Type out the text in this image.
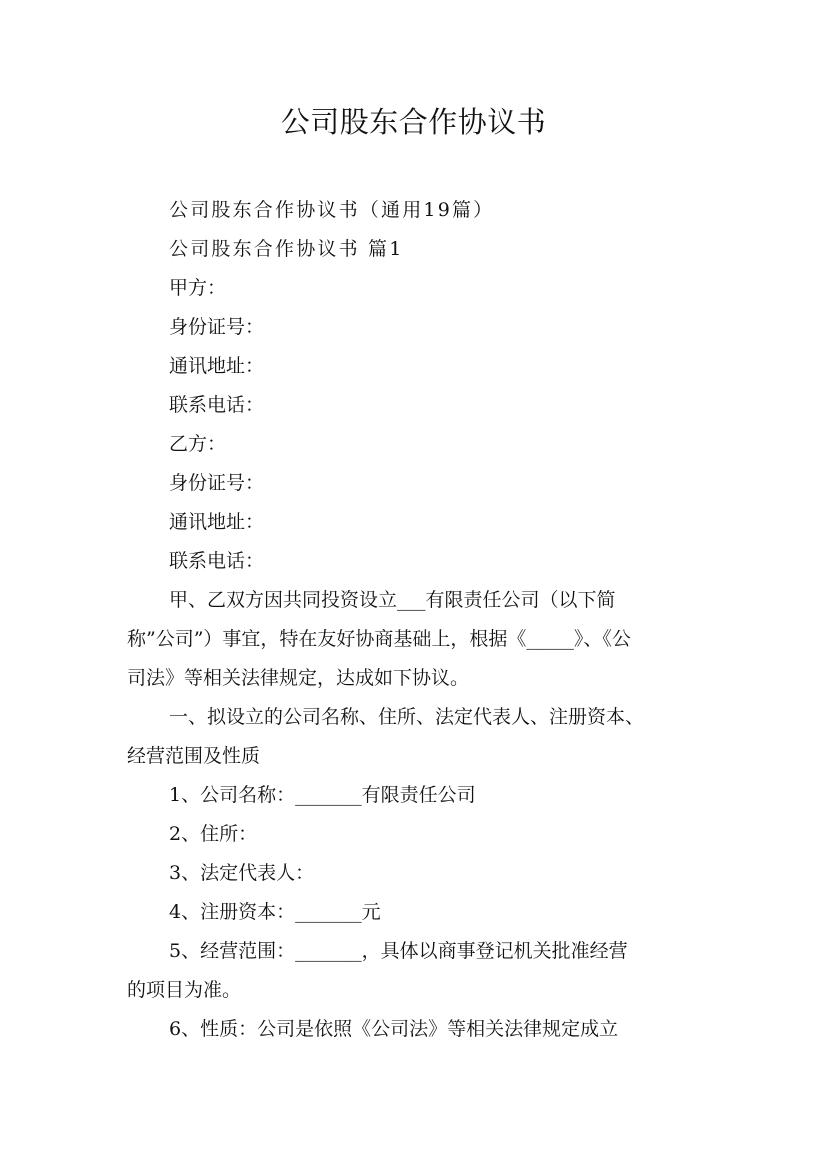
公司股东合作协议书

公司股东合作协议书（通用19篇）

公司股东合作协议书 篇1

甲方：

身份证号：

通讯地址：

联系电话：

乙方：

身份证号：

通讯地址：

联系电话：

甲、乙双方因共同投资设立___有限责任公司（以下简

称”公司”）事宜，特在友好协商基础上，根据《_____》、《公

司法》等相关法律规定，达成如下协议。

一、拟设立的公司名称、住所、法定代表人、注册资本、

经营范围及性质

1、公司名称：_______有限责任公司

2、住所：

3、法定代表人：

4、注册资本：_______元

5、经营范围：_______，具体以商事登记机关批准经营

的项目为准。

6、性质：公司是依照《公司法》等相关法律规定成立
